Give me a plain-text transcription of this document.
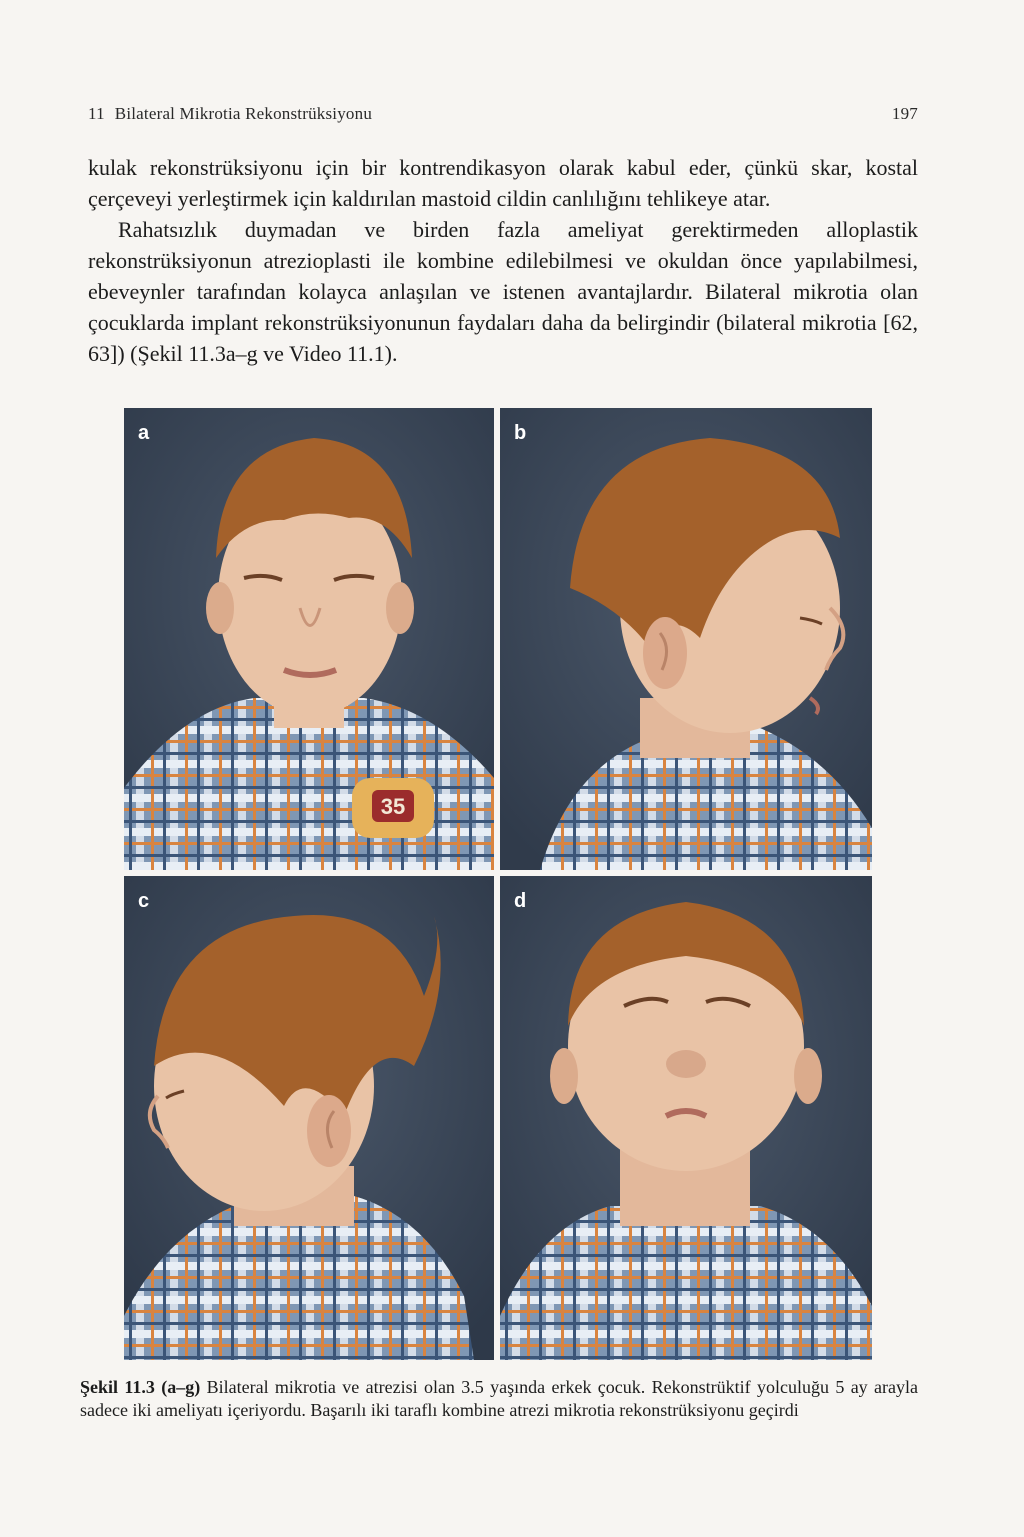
11 Bilateral Mikrotia Rekonstrüksiyonu	197

kulak rekonstrüksiyonu için bir kontrendikasyon olarak kabul eder, çünkü skar, kostal çerçeveyi yerleştirmek için kaldırılan mastoid cildin canlılığını tehlikeye atar.

Rahatsızlık duymadan ve birden fazla ameliyat gerektirmeden alloplastik rekonstrüksiyonun atrezioplasti ile kombine edilebilmesi ve okuldan önce yapılabilmesi, ebeveynler tarafından kolayca anlaşılan ve istenen avantajlardır. Bilateral mikrotia olan çocuklarda implant rekonstrüksiyonunun faydaları daha da belirgindir (bilateral mikrotia [62, 63]) (Şekil 11.3a–g ve Video 11.1).

35
a	b
c	d
Şekil 11.3 (a–g) Bilateral mikrotia ve atrezisi olan 3.5 yaşında erkek çocuk. Rekonstrüktif yolculuğu 5 ay arayla sadece iki ameliyatı içeriyordu. Başarılı iki taraflı kombine atrezi mikrotia rekonstrüksiyonu geçirdi
